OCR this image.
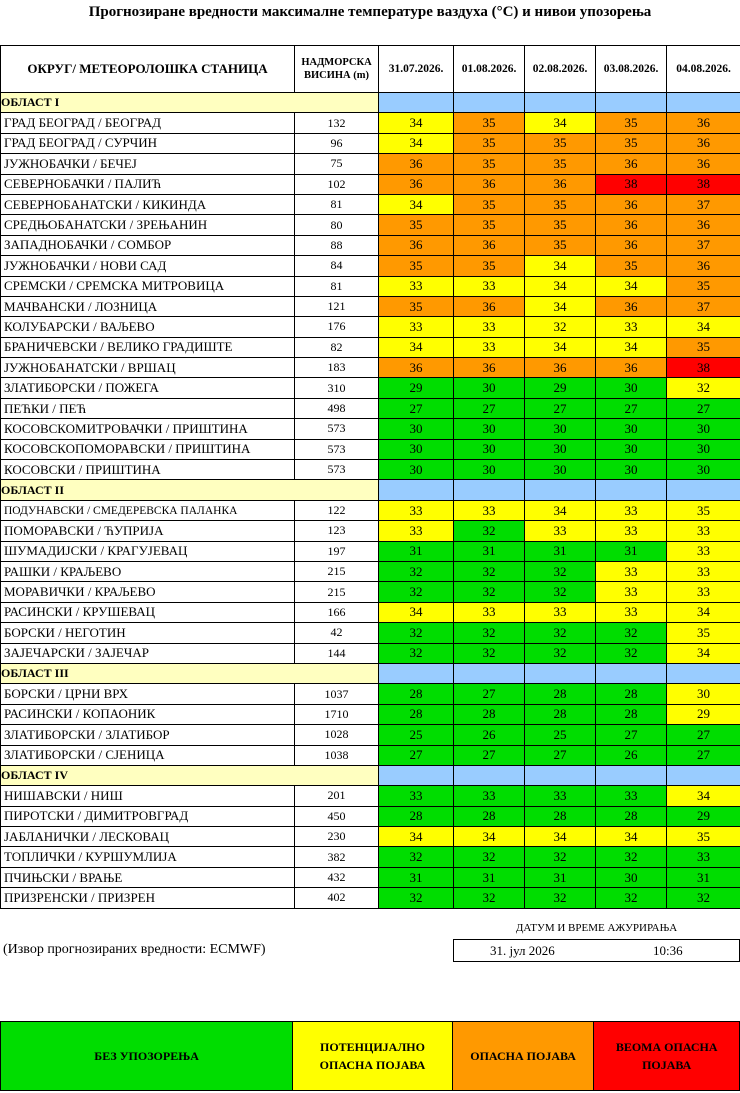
Прогнозиране вредности максималне температуре ваздуха (°C) и нивои упозорења
ОКРУГ/ МЕТЕОРОЛОШКА СТАНИЦА	НАДМОРСКА
ВИСИНА (m)	31.07.2026.	01.08.2026.	02.08.2026.	03.08.2026.	04.08.2026.
ОБЛАСТ I						
ГРАД БЕОГРАД / БЕОГРАД	132	34	35	34	35	36
ГРАД БЕОГРАД / СУРЧИН	96	34	35	35	35	36
ЈУЖНОБАЧКИ / БЕЧЕЈ	75	36	35	35	36	36
СЕВЕРНОБАЧКИ / ПАЛИЋ	102	36	36	36	38	38
СЕВЕРНОБАНАТСКИ / КИКИНДА	81	34	35	35	36	37
СРЕДЊОБАНАТСКИ / ЗРЕЊАНИН	80	35	35	35	36	36
ЗАПАДНОБАЧКИ / СОМБОР	88	36	36	35	36	37
ЈУЖНОБАЧКИ / НОВИ САД	84	35	35	34	35	36
СРЕМСКИ / СРЕМСКА МИТРОВИЦА	81	33	33	34	34	35
МАЧВАНСКИ / ЛОЗНИЦА	121	35	36	34	36	37
КОЛУБАРСКИ / ВАЉЕВО	176	33	33	32	33	34
БРАНИЧЕВСКИ / ВЕЛИКО ГРАДИШТЕ	82	34	33	34	34	35
ЈУЖНОБАНАТСКИ / ВРШАЦ	183	36	36	36	36	38
ЗЛАТИБОРСКИ / ПОЖЕГА	310	29	30	29	30	32
ПЕЋКИ / ПЕЋ	498	27	27	27	27	27
КОСОВСКОМИТРОВАЧКИ / ПРИШТИНА	573	30	30	30	30	30
КОСОВСКОПОМОРАВСКИ / ПРИШТИНА	573	30	30	30	30	30
КОСОВСКИ / ПРИШТИНА	573	30	30	30	30	30
ОБЛАСТ II						
ПОДУНАВСКИ / СМЕДЕРЕВСКА ПАЛАНКА	122	33	33	34	33	35
ПОМОРАВСКИ / ЋУПРИЈА	123	33	32	33	33	33
ШУМАДИЈСКИ / КРАГУЈЕВАЦ	197	31	31	31	31	33
РАШКИ / КРАЉЕВО	215	32	32	32	33	33
МОРАВИЧКИ / КРАЉЕВО	215	32	32	32	33	33
РАСИНСКИ / КРУШЕВАЦ	166	34	33	33	33	34
БОРСКИ / НЕГОТИН	42	32	32	32	32	35
ЗАЈЕЧАРСКИ / ЗАЈЕЧАР	144	32	32	32	32	34
ОБЛАСТ III						
БОРСКИ / ЦРНИ ВРХ	1037	28	27	28	28	30
РАСИНСКИ / КОПАОНИК	1710	28	28	28	28	29
ЗЛАТИБОРСКИ / ЗЛАТИБОР	1028	25	26	25	27	27
ЗЛАТИБОРСКИ / СЈЕНИЦА	1038	27	27	27	26	27
ОБЛАСТ IV						
НИШАВСКИ / НИШ	201	33	33	33	33	34
ПИРОТСКИ / ДИМИТРОВГРАД	450	28	28	28	28	29
ЈАБЛАНИЧКИ / ЛЕСКОВАЦ	230	34	34	34	34	35
ТОПЛИЧКИ / КУРШУМЛИЈА	382	32	32	32	32	33
ПЧИЊСКИ / ВРАЊЕ	432	31	31	31	30	31
ПРИЗРЕНСКИ / ПРИЗРЕН	402	32	32	32	32	32
ДАТУМ И ВРЕМЕ АЖУРИРАЊА
31. јул 2026	10:36
(Извор прогнозираних вредности: ECMWF)
БЕЗ УПОЗОРЕЊА
ПОТЕНЦИЈАЛНО
ОПАСНА ПОЈАВА
ОПАСНА ПОЈАВА
ВЕОМА ОПАСНА
ПОЈАВА
